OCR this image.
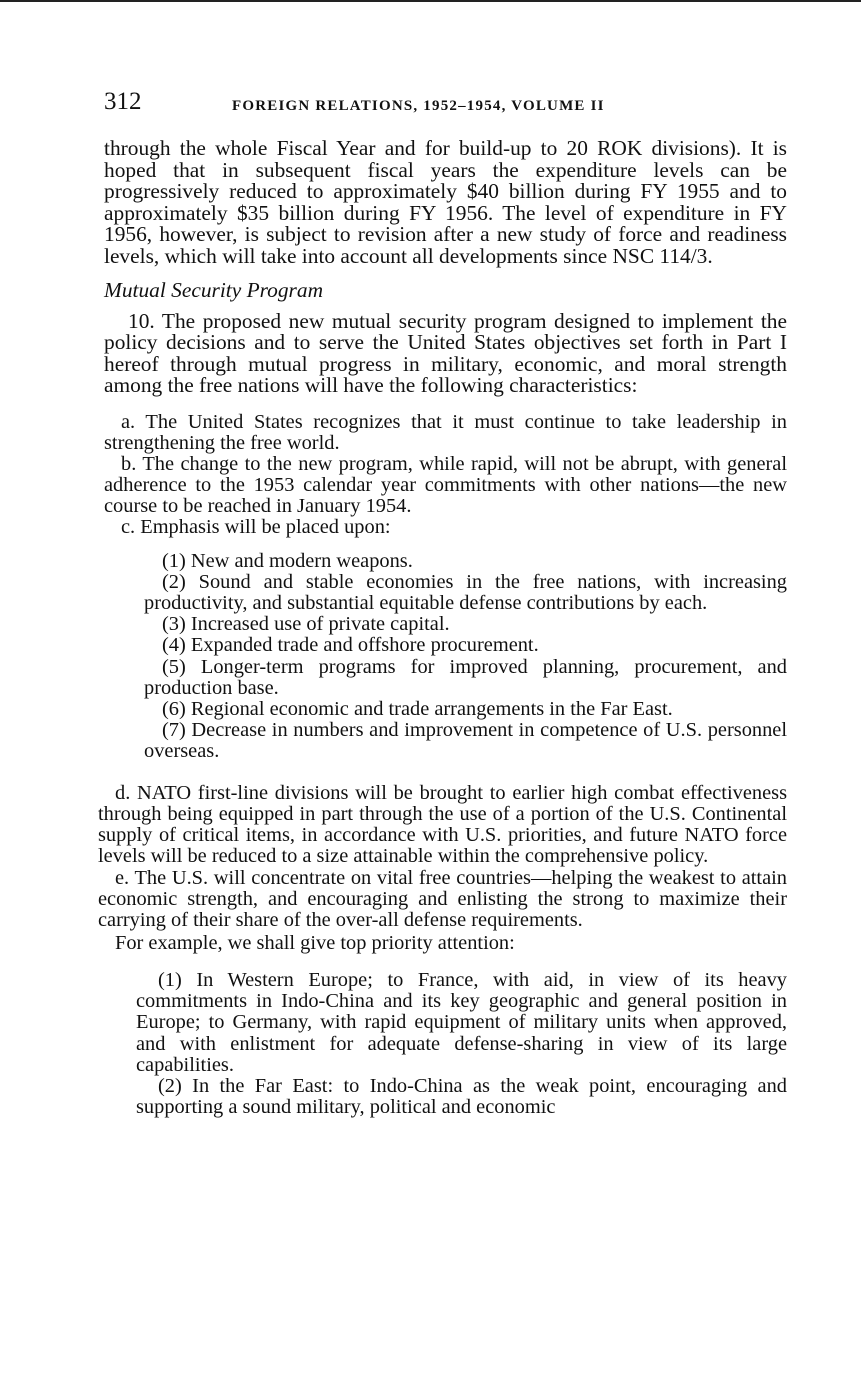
312	FOREIGN RELATIONS, 1952–1954, VOLUME II

through the whole Fiscal Year and for build-up to 20 ROK divisions). It is hoped that in subsequent fiscal years the expenditure levels can be progressively reduced to approximately $40 billion during FY 1955 and to approximately $35 billion during FY 1956. The level of expenditure in FY 1956, however, is subject to revision after a new study of force and readiness levels, which will take into account all developments since NSC 114/3.

Mutual Security Program

10. The proposed new mutual security program designed to implement the policy decisions and to serve the United States objectives set forth in Part I hereof through mutual progress in military, economic, and moral strength among the free nations will have the following characteristics:

a. The United States recognizes that it must continue to take leadership in strengthening the free world.

b. The change to the new program, while rapid, will not be abrupt, with general adherence to the 1953 calendar year commitments with other nations—the new course to be reached in January 1954.

c. Emphasis will be placed upon:

(1) New and modern weapons.

(2) Sound and stable economies in the free nations, with increasing productivity, and substantial equitable defense contributions by each.

(3) Increased use of private capital.

(4) Expanded trade and offshore procurement.

(5) Longer-term programs for improved planning, procurement, and production base.

(6) Regional economic and trade arrangements in the Far East.

(7) Decrease in numbers and improvement in competence of U.S. personnel overseas.

d. NATO first-line divisions will be brought to earlier high combat effectiveness through being equipped in part through the use of a portion of the U.S. Continental supply of critical items, in accordance with U.S. priorities, and future NATO force levels will be reduced to a size attainable within the comprehensive policy.

e. The U.S. will concentrate on vital free countries—helping the weakest to attain economic strength, and encouraging and enlisting the strong to maximize their carrying of their share of the over-all defense requirements.

For example, we shall give top priority attention:

(1) In Western Europe; to France, with aid, in view of its heavy commitments in Indo-China and its key geographic and general position in Europe; to Germany, with rapid equipment of military units when approved, and with enlistment for adequate defense-sharing in view of its large capabilities.

(2) In the Far East: to Indo-China as the weak point, encouraging and supporting a sound military, political and economic
